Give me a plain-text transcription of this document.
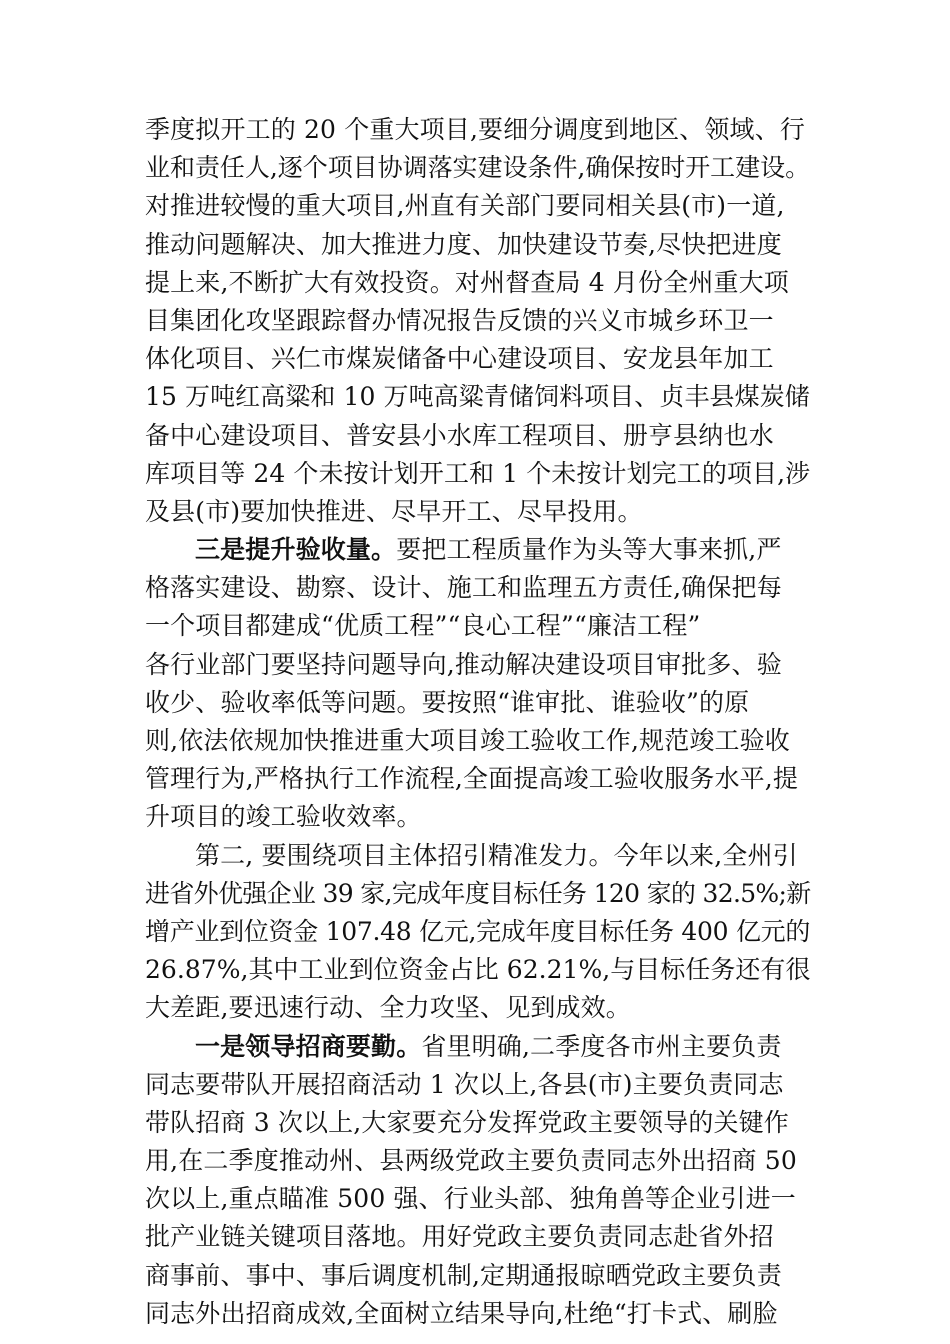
季度拟开工的 20 个重大项目,要细分调度到地区、领域、行
业和责任人,逐个项目协调落实建设条件,确保按时开工建设。
对推进较慢的重大项目,州直有关部门要同相关县(市)一道,
推动问题解决、加大推进力度、加快建设节奏,尽快把进度
提上来,不断扩大有效投资。对州督查局 4 月份全州重大项
目集团化攻坚跟踪督办情况报告反馈的兴义市城乡环卫一
体化项目、兴仁市煤炭储备中心建设项目、安龙县年加工
15 万吨红高粱和 10 万吨高粱青储饲料项目、贞丰县煤炭储
备中心建设项目、普安县小水库工程项目、册亨县纳也水
库项目等 24 个未按计划开工和 1 个未按计划完工的项目,涉
及县(市)要加快推进、尽早开工、尽早投用。
三是提升验收量。要把工程质量作为头等大事来抓,严
格落实建设、勘察、设计、施工和监理五方责任,确保把每
一个项目都建成“优质工程”“良心工程”“廉洁工程”
各行业部门要坚持问题导向,推动解决建设项目审批多、验
收少、验收率低等问题。要按照“谁审批、谁验收”的原
则,依法依规加快推进重大项目竣工验收工作,规范竣工验收
管理行为,严格执行工作流程,全面提高竣工验收服务水平,提
升项目的竣工验收效率。
第二, 要围绕项目主体招引精准发力。今年以来,全州引
进省外优强企业 39 家,完成年度目标任务 120 家的 32.5%;新
增产业到位资金 107.48 亿元,完成年度目标任务 400 亿元的
26.87%,其中工业到位资金占比 62.21%,与目标任务还有很
大差距,要迅速行动、全力攻坚、见到成效。
一是领导招商要勤。省里明确,二季度各市州主要负责
同志要带队开展招商活动 1 次以上,各县(市)主要负责同志
带队招商 3 次以上,大家要充分发挥党政主要领导的关键作
用,在二季度推动州、县两级党政主要负责同志外出招商 50
次以上,重点瞄准 500 强、行业头部、独角兽等企业引进一
批产业链关键项目落地。用好党政主要负责同志赴省外招
商事前、事中、事后调度机制,定期通报晾晒党政主要负责
同志外出招商成效,全面树立结果导向,杜绝“打卡式、刷脸
